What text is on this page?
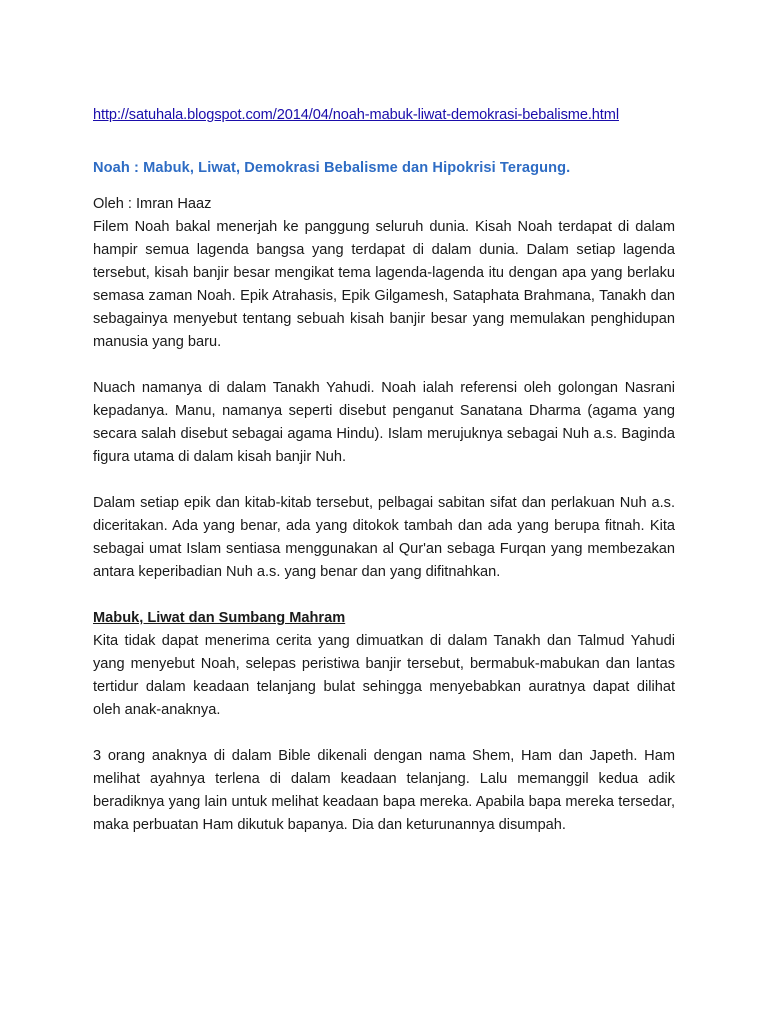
http://satuhala.blogspot.com/2014/04/noah-mabuk-liwat-demokrasi-bebalisme.html
Noah : Mabuk, Liwat, Demokrasi Bebalisme dan Hipokrisi Teragung.
Oleh : Imran Haaz

Filem Noah bakal menerjah ke panggung seluruh dunia. Kisah Noah terdapat di dalam hampir semua lagenda bangsa yang terdapat di dalam dunia. Dalam setiap lagenda tersebut, kisah banjir besar mengikat tema lagenda-lagenda itu dengan apa yang berlaku semasa zaman Noah. Epik Atrahasis, Epik Gilgamesh, Sataphata Brahmana, Tanakh dan sebagainya menyebut tentang sebuah kisah banjir besar yang memulakan penghidupan manusia yang baru.

Nuach namanya di dalam Tanakh Yahudi. Noah ialah referensi oleh golongan Nasrani kepadanya. Manu, namanya seperti disebut penganut Sanatana Dharma (agama yang secara salah disebut sebagai agama Hindu). Islam merujuknya sebagai Nuh a.s. Baginda figura utama di dalam kisah banjir Nuh.

Dalam setiap epik dan kitab-kitab tersebut, pelbagai sabitan sifat dan perlakuan Nuh a.s. diceritakan. Ada yang benar, ada yang ditokok tambah dan ada yang berupa fitnah. Kita sebagai umat Islam sentiasa menggunakan al Qur'an sebaga Furqan yang membezakan antara keperibadian Nuh a.s. yang benar dan yang difitnahkan.

Mabuk, Liwat dan Sumbang Mahram

Kita tidak dapat menerima cerita yang dimuatkan di dalam Tanakh dan Talmud Yahudi yang menyebut Noah, selepas peristiwa banjir tersebut, bermabuk-mabukan dan lantas tertidur dalam keadaan telanjang bulat sehingga menyebabkan auratnya dapat dilihat oleh anak-anaknya.

3 orang anaknya di dalam Bible dikenali dengan nama Shem, Ham dan Japeth. Ham melihat ayahnya terlena di dalam keadaan telanjang. Lalu memanggil kedua adik beradiknya yang lain untuk melihat keadaan bapa mereka. Apabila bapa mereka tersedar, maka perbuatan Ham dikutuk bapanya. Dia dan keturunannya disumpah.
